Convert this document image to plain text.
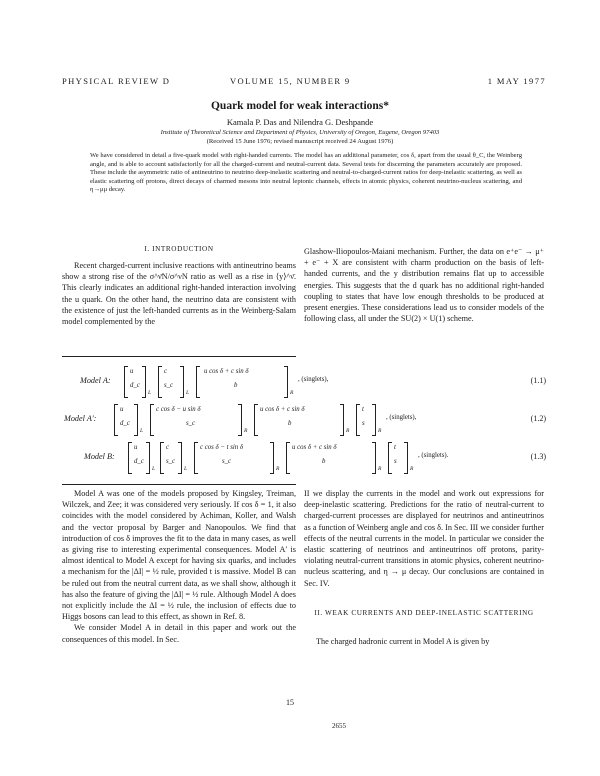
PHYSICAL REVIEW D	VOLUME 15, NUMBER 9	1 MAY 1977
Quark model for weak interactions*
Kamala P. Das and Nilendra G. Deshpande
Institute of Theoretical Science and Department of Physics, University of Oregon, Eugene, Oregon 97403
(Received 15 June 1976; revised manuscript received 24 August 1976)
We have considered in detail a five-quark model with right-handed currents. The model has an additional parameter, cos δ, apart from the usual θ_C, the Weinberg angle, and is able to account satisfactorily for all the charged-current and neutral-current data. Several tests for discerning the parameters accurately are proposed. These include the asymmetric ratio of antineutrino to neutrino deep-inelastic scattering and neutral-to-charged-current ratios for deep-inelastic scattering, as well as elastic scattering off protons, direct decays of charmed mesons into neutral leptonic channels, effects in atomic physics, coherent neutrino-nucleus scattering, and η→μμ decay.
I. INTRODUCTION

Recent charged-current inclusive reactions with antineutrino beams show a strong rise of the σ^ν̄N/σ^νN ratio as well as a rise in ⟨y⟩^ν̄. This clearly indicates an additional right-handed interaction involving the u quark. On the other hand, the neutrino data are consistent with the existence of just the left-handed currents as in the Weinberg-Salam model complemented by the

Glashow-Iliopoulos-Maiani mechanism. Further, the data on e⁺e⁻ → μ⁺ + e⁻ + X are consistent with charm production on the basis of left-handed currents, and the y distribution remains flat up to accessible energies. This suggests that the d quark has no additional right-handed coupling to states that have low enough thresholds to be produced at present energies. These considerations lead us to consider models of the following class, all under the SU(2) × U(1) scheme.

Model A:
u
d_c
L
c
s_c
L
u cos δ + c sin δ
b
R
, (singlets),	(1.1)
Model A′:
u
d_c
L
c cos δ − u sin δ
s_c
R
u cos δ + c sin δ
b
R
t
s
R
, (singlets),	(1.2)
Model B:
u
d_c
L
c
s_c
L
c cos δ − t sin δ
s_c
R
u cos δ + c sin δ
b
R
t
s
R
, (singlets).	(1.3)

Model A was one of the models proposed by Kingsley, Treiman, Wilczek, and Zee; it was considered very seriously. If cos δ = 1, it also coincides with the model considered by Achiman, Koller, and Walsh and the vector proposal by Barger and Nanopoulos. We find that introduction of cos δ improves the fit to the data in many cases, as well as giving rise to interesting experimental consequences. Model A′ is almost identical to Model A except for having six quarks, and includes a mechanism for the |ΔI| = ½ rule, provided t is massive. Model B can be ruled out from the neutral current data, as we shall show, although it has also the feature of giving the |ΔI| = ½ rule. Although Model A does not explicitly include the ΔI = ½ rule, the inclusion of effects due to Higgs bosons can lead to this effect, as shown in Ref. 8.

We consider Model A in detail in this paper and work out the consequences of this model. In Sec.

II we display the currents in the model and work out expressions for deep-inelastic scattering. Predictions for the ratio of neutral-current to charged-current processes are displayed for neutrinos and antineutrinos as a function of Weinberg angle and cos δ. In Sec. III we consider further effects of the neutral currents in the model. In particular we consider the elastic scattering of neutrinos and antineutrinos off protons, parity-violating neutral-current transitions in atomic physics, coherent neutrino-nucleus scattering, and η → μ decay. Our conclusions are contained in Sec. IV.

II. WEAK CURRENTS AND DEEP-INELASTIC SCATTERING

The charged hadronic current in Model A is given by

15
2655
